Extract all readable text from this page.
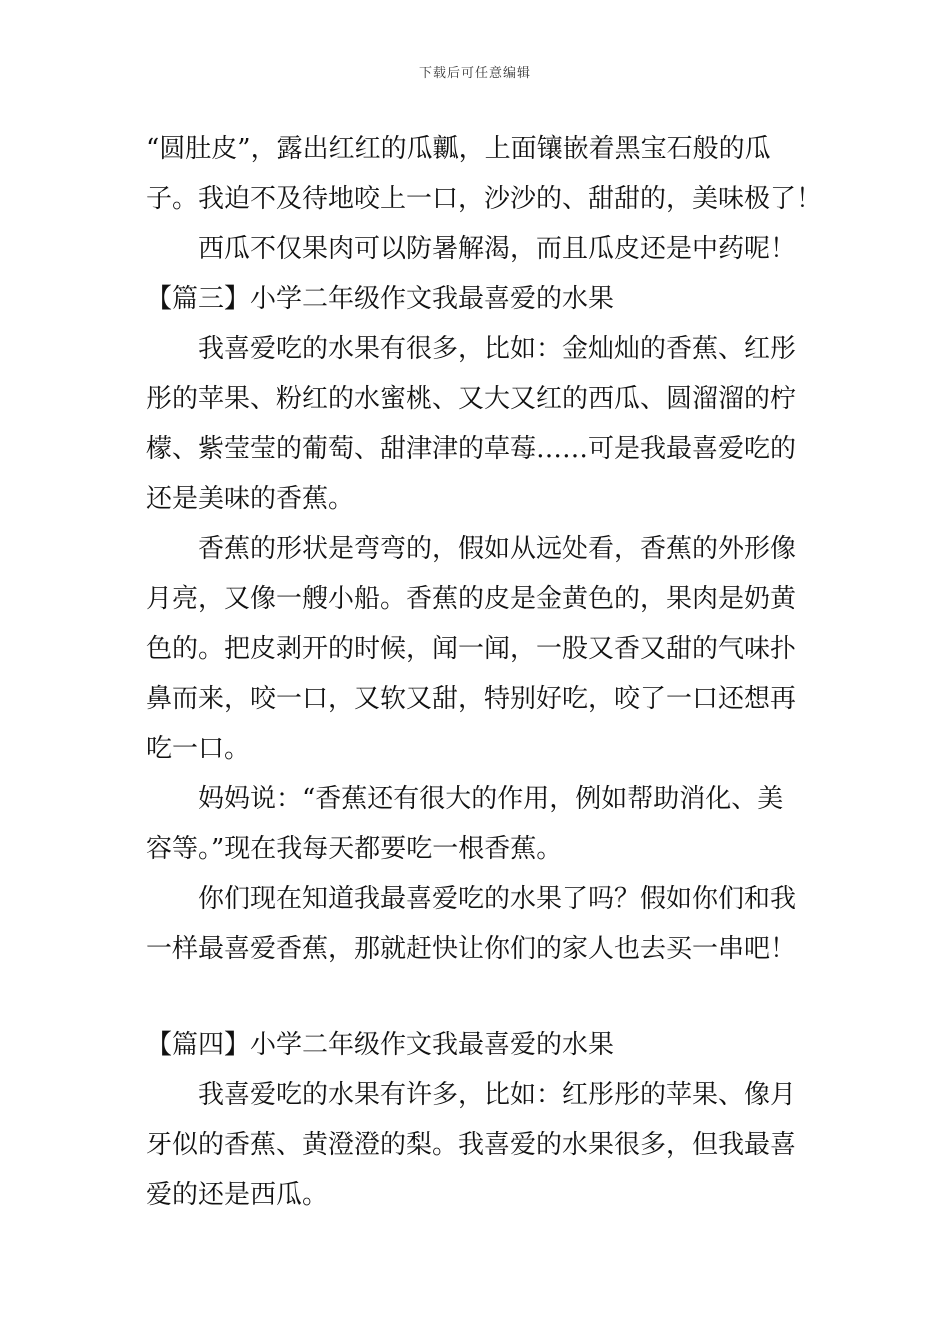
下载后可任意编辑
“圆肚皮”，露出红红的瓜瓤，上面镶嵌着黑宝石般的瓜
子。我迫不及待地咬上一口，沙沙的、甜甜的，美味极了！
西瓜不仅果肉可以防暑解渴，而且瓜皮还是中药呢！
【篇三】小学二年级作文我最喜爱的水果
我喜爱吃的水果有很多，比如：金灿灿的香蕉、红彤
彤的苹果、粉红的水蜜桃、又大又红的西瓜、圆溜溜的柠
檬、紫莹莹的葡萄、甜津津的草莓……可是我最喜爱吃的
还是美味的香蕉。
香蕉的形状是弯弯的，假如从远处看，香蕉的外形像
月亮，又像一艘小船。香蕉的皮是金黄色的，果肉是奶黄
色的。把皮剥开的时候，闻一闻，一股又香又甜的气味扑
鼻而来，咬一口，又软又甜，特别好吃，咬了一口还想再
吃一口。
妈妈说：“香蕉还有很大的作用，例如帮助消化、美
容等。”现在我每天都要吃一根香蕉。
你们现在知道我最喜爱吃的水果了吗？假如你们和我
一样最喜爱香蕉，那就赶快让你们的家人也去买一串吧！
【篇四】小学二年级作文我最喜爱的水果
我喜爱吃的水果有许多，比如：红彤彤的苹果、像月
牙似的香蕉、黄澄澄的梨。我喜爱的水果很多，但我最喜
爱的还是西瓜。
